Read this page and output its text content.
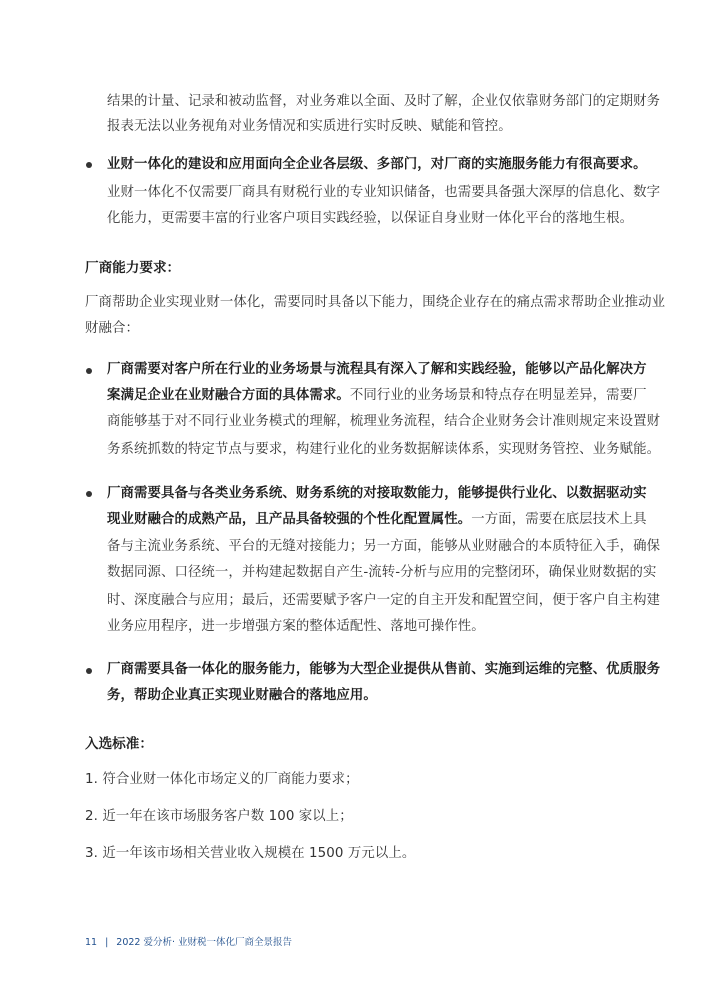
结果的计量、记录和被动监督，对业务难以全面、及时了解，企业仅依靠财务部门的定期财务
报表无法以业务视角对业务情况和实质进行实时反映、赋能和管控。
业财一体化的建设和应用面向全企业各层级、多部门，对厂商的实施服务能力有很高要求。
业财一体化不仅需要厂商具有财税行业的专业知识储备，也需要具备强大深厚的信息化、数字
化能力，更需要丰富的行业客户项目实践经验，以保证自身业财一体化平台的落地生根。
厂商能力要求：
厂商帮助企业实现业财一体化，需要同时具备以下能力，围绕企业存在的痛点需求帮助企业推动业
财融合：
厂商需要对客户所在行业的业务场景与流程具有深入了解和实践经验，能够以产品化解决方
案满足企业在业财融合方面的具体需求。不同行业的业务场景和特点存在明显差异，需要厂
商能够基于对不同行业业务模式的理解，梳理业务流程，结合企业财务会计准则规定来设置财
务系统抓数的特定节点与要求，构建行业化的业务数据解读体系，实现财务管控、业务赋能。
厂商需要具备与各类业务系统、财务系统的对接取数能力，能够提供行业化、以数据驱动实
现业财融合的成熟产品，且产品具备较强的个性化配置属性。一方面，需要在底层技术上具
备与主流业务系统、平台的无缝对接能力；另一方面，能够从业财融合的本质特征入手，确保
数据同源、口径统一，并构建起数据自产生-流转-分析与应用的完整闭环，确保业财数据的实
时、深度融合与应用；最后，还需要赋予客户一定的自主开发和配置空间，便于客户自主构建
业务应用程序，进一步增强方案的整体适配性、落地可操作性。
厂商需要具备一体化的服务能力，能够为大型企业提供从售前、实施到运维的完整、优质服务
务，帮助企业真正实现业财融合的落地应用。
入选标准：
1. 符合业财一体化市场定义的厂商能力要求；
2. 近一年在该市场服务客户数 100 家以上；
3. 近一年该市场相关营业收入规模在 1500 万元以上。
11 | 2022 爱分析· 业财税一体化厂商全景报告
